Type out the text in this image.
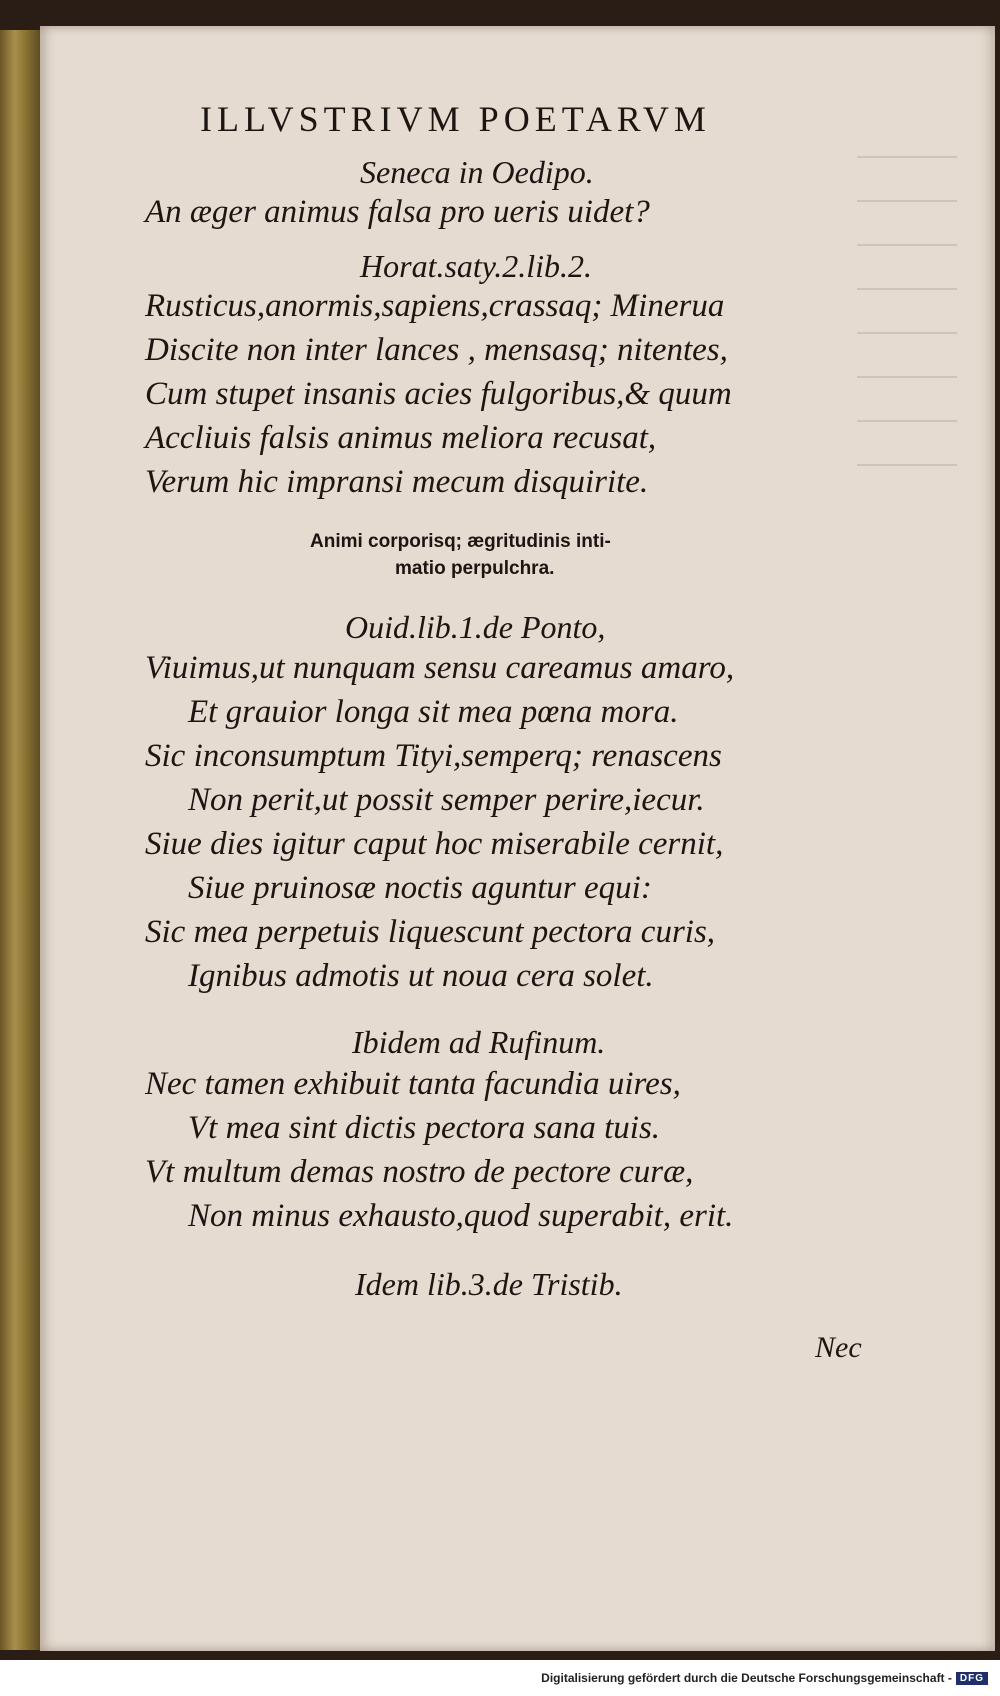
ILLVSTRIVM POETARVM
Seneca in Oedipo.
An æger animus falsa pro ueris uidet?
Horat.saty.2.lib.2.
Rusticus,anormis,sapiens,crassaq; Minerua
Discite non inter lances , mensasq; nitentes,
Cum stupet insanis acies fulgoribus,& quum
Accliuis falsis animus meliora recusat,
Verum hic impransi mecum disquirite.
Animi corporisq; ægritudinis inti-
matio perpulchra.
Ouid.lib.1.de Ponto,
Viuimus,ut nunquam sensu careamus amaro,
Et grauior longa sit mea pœna mora.
Sic inconsumptum Tityi,semperq; renascens
Non perit,ut possit semper perire,iecur.
Siue dies igitur caput hoc miserabile cernit,
Siue pruinosæ noctis aguntur equi:
Sic mea perpetuis liquescunt pectora curis,
Ignibus admotis ut noua cera solet.
Ibidem ad Rufinum.
Nec tamen exhibuit tanta facundia uires,
Vt mea sint dictis pectora sana tuis.
Vt multum demas nostro de pectore curæ,
Non minus exhausto,quod superabit, erit.
Idem lib.3.de Tristib.
Nec
Digitalisierung gefördert durch die Deutsche Forschungsgemeinschaft - DFG
